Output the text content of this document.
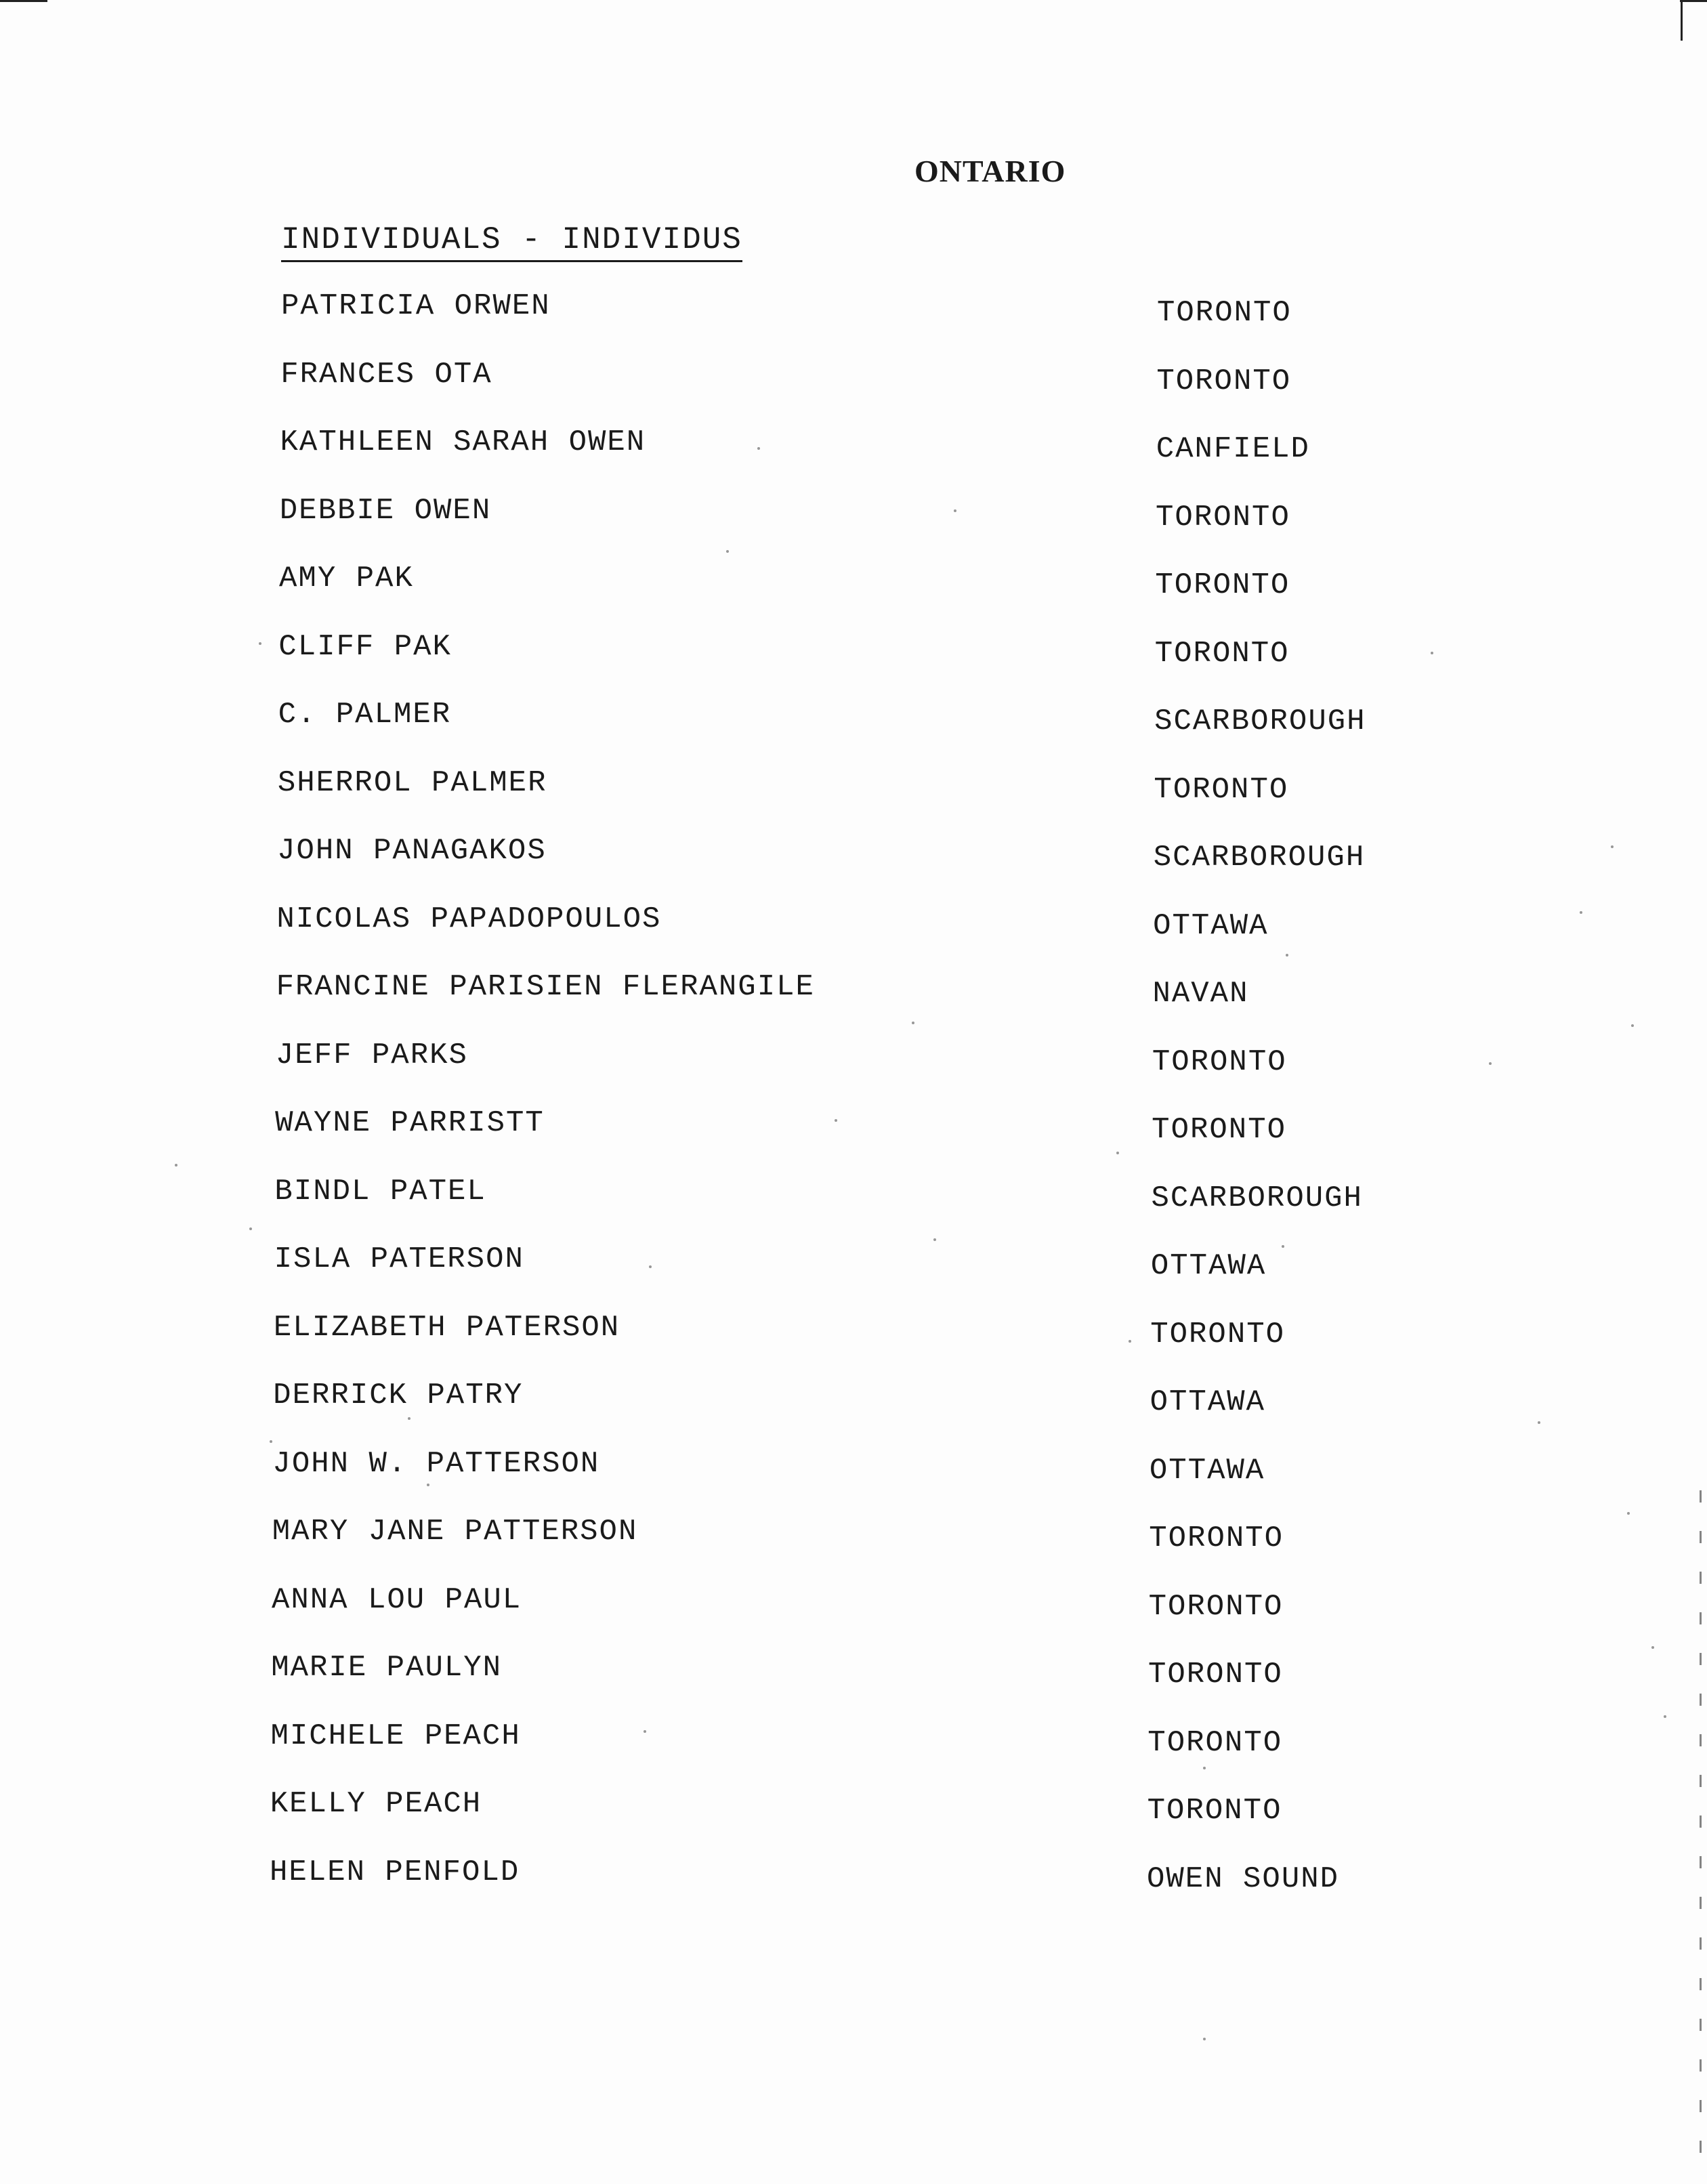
ONTARIO
INDIVIDUALS - INDIVIDUS
PATRICIA ORWEN	TORONTO
FRANCES OTA	TORONTO
KATHLEEN SARAH OWEN	CANFIELD
DEBBIE OWEN	TORONTO
AMY PAK	TORONTO
CLIFF PAK	TORONTO
C. PALMER	SCARBOROUGH
SHERROL PALMER	TORONTO
JOHN PANAGAKOS	SCARBOROUGH
NICOLAS PAPADOPOULOS	OTTAWA
FRANCINE PARISIEN FLERANGILE	NAVAN
JEFF PARKS	TORONTO
WAYNE PARRISTT	TORONTO
BINDL PATEL	SCARBOROUGH
ISLA PATERSON	OTTAWA
ELIZABETH PATERSON	TORONTO
DERRICK PATRY	OTTAWA
JOHN W. PATTERSON	OTTAWA
MARY JANE PATTERSON	TORONTO
ANNA LOU PAUL	TORONTO
MARIE PAULYN	TORONTO
MICHELE PEACH	TORONTO
KELLY PEACH	TORONTO
HELEN PENFOLD	OWEN SOUND
